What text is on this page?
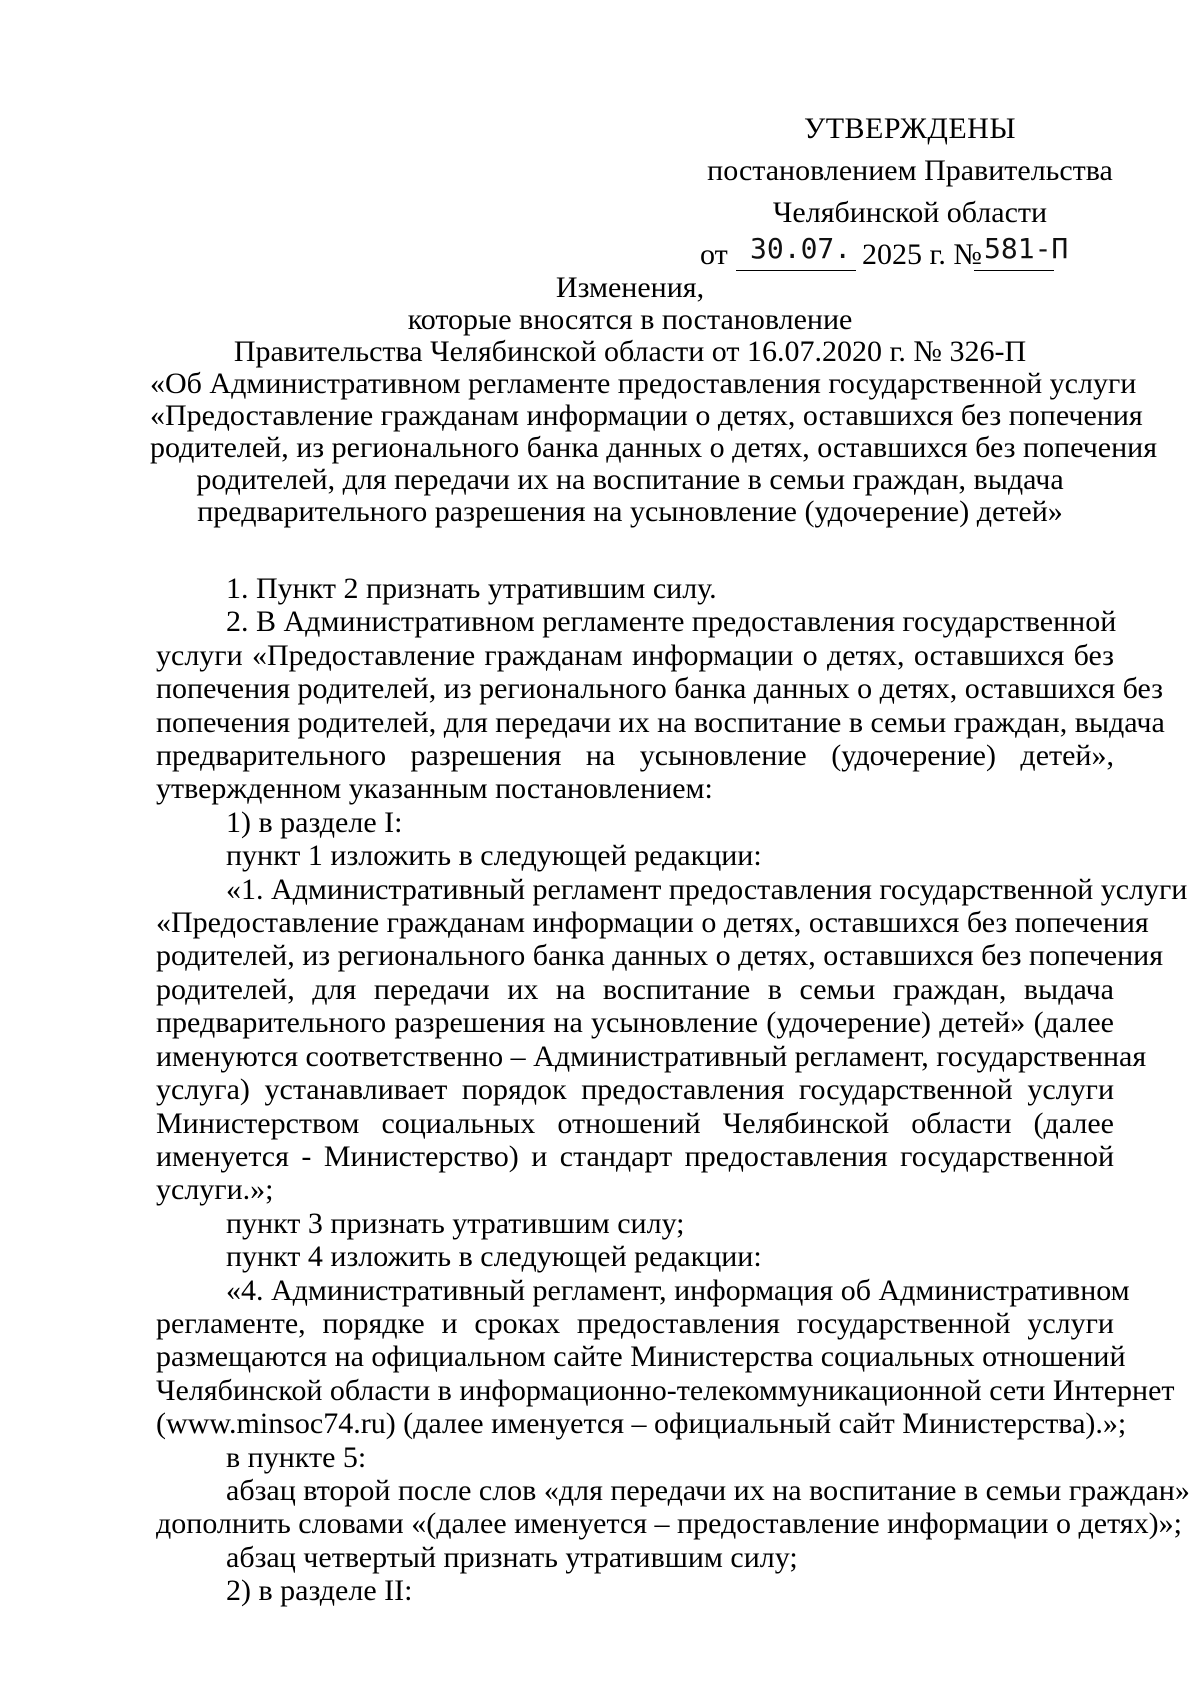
УТВЕРЖДЕНЫ
постановлением Правительства
Челябинской области
от 30.07. 2025 г. № 581-П
Изменения,
которые вносятся в постановление
Правительства Челябинской области от 16.07.2020 г. № 326-П
«Об Административном регламенте предоставления государственной услуги
«Предоставление гражданам информации о детях, оставшихся без попечения
родителей, из регионального банка данных о детях, оставшихся без попечения
родителей, для передачи их на воспитание в семьи граждан, выдача
предварительного разрешения на усыновление (удочерение) детей»
1. Пункт 2 признать утратившим силу.
2. В Административном регламенте предоставления государственной
услуги «Предоставление гражданам информации о детях, оставшихся без
попечения родителей, из регионального банка данных о детях, оставшихся без
попечения родителей, для передачи их на воспитание в семьи граждан, выдача
предварительного разрешения на усыновление (удочерение) детей»,
утвержденном указанным постановлением:
1) в разделе I:
пункт 1 изложить в следующей редакции:
«1. Административный регламент предоставления государственной услуги
«Предоставление гражданам информации о детях, оставшихся без попечения
родителей, из регионального банка данных о детях, оставшихся без попечения
родителей, для передачи их на воспитание в семьи граждан, выдача
предварительного разрешения на усыновление (удочерение) детей» (далее
именуются соответственно – Административный регламент, государственная
услуга) устанавливает порядок предоставления государственной услуги
Министерством социальных отношений Челябинской области (далее
именуется - Министерство) и стандарт предоставления государственной
услуги.»;
пункт 3 признать утратившим силу;
пункт 4 изложить в следующей редакции:
«4. Административный регламент, информация об Административном
регламенте, порядке и сроках предоставления государственной услуги
размещаются на официальном сайте Министерства социальных отношений
Челябинской области в информационно-телекоммуникационной сети Интернет
(www.minsoc74.ru) (далее именуется – официальный сайт Министерства).»;
в пункте 5:
абзац второй после слов «для передачи их на воспитание в семьи граждан»
дополнить словами «(далее именуется – предоставление информации о детях)»;
абзац четвертый признать утратившим силу;
2) в разделе II:
